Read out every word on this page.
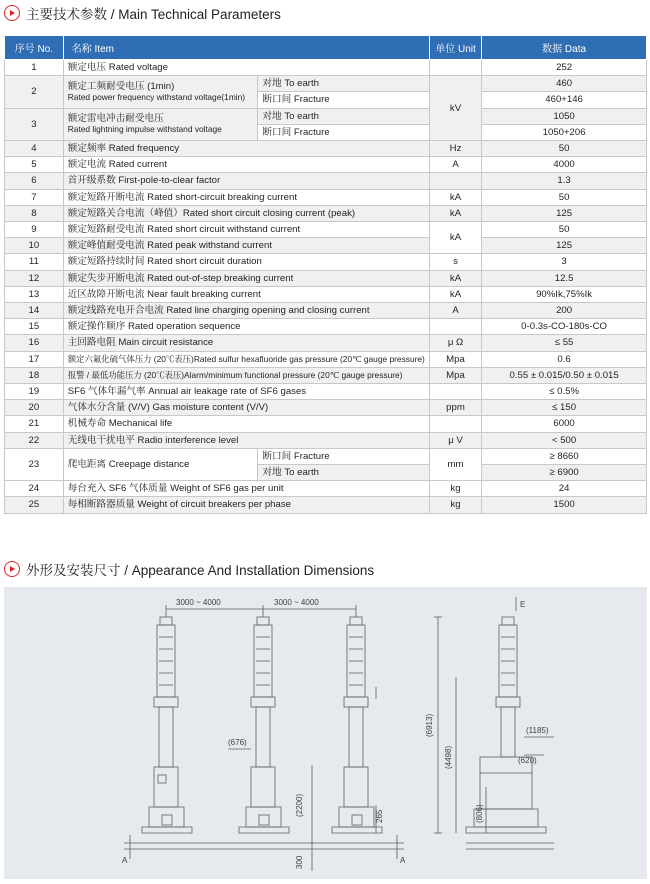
主要技术参数 / Main Technical Parameters
序号 No.	名称 Item		单位 Unit	数据 Data
1	额定电压 Rated voltage			252
2	额定工频耐受电压 (1min)
Rated power frequency withstand voltage(1min)	对地 To earth	kV	460
		断口间 Fracture		460+146
3	额定雷电冲击耐受电压
Rated lightning impulse withstand voltage	对地 To earth		1050
		断口间 Fracture		1050+206
4	额定频率 Rated frequency		Hz	50
5	额定电流 Rated current		A	4000
6	首开级系数 First-pole-to-clear factor			1.3
7	额定短路开断电流 Rated short-circuit breaking current		kA	50
8	额定短路关合电流（峰值）Rated short circuit closing current (peak)		kA	125
9	额定短路耐受电流 Rated short circuit withstand current		kA	50
10	额定峰值耐受电流 Rated peak withstand current			125
11	额定短路持续时间 Rated short circuit duration		s	3
12	额定失步开断电流 Rated out-of-step breaking current		kA	12.5
13	近区故障开断电流 Near fault breaking current		kA	90%Ik,75%Ik
14	额定线路充电开合电流 Rated line charging opening and closing current		A	200
15	额定操作顺序 Rated operation sequence			0-0.3s-CO-180s-CO
16	主回路电阻 Main circuit resistance		μ Ω	≤ 55
17	额定六氟化硫气体压力 (20℃表压)Rated sulfur hexafluoride gas pressure (20℃ gauge pressure)		Mpa	0.6
18	报警 / 最低功能压力 (20℃表压)Alarm/minimum functional pressure (20℃ gauge pressure)		Mpa	0.55 ± 0.015/0.50 ± 0.015
19	SF6 气体年漏气率 Annual air leakage rate of SF6 gases			≤ 0.5%
20	气体水分含量 (V/V) Gas moisture content (V/V)		ppm	≤ 150
21	机械寿命 Mechanical life			6000
22	无线电干扰电平 Radio interference level		μ V	< 500
23	爬电距离 Creepage distance	断口间 Fracture	mm	≥ 8660
		对地 To earth		≥ 6900
24	每台充入 SF6 气体质量 Weight of SF6 gas per unit		kg	24
25	每相断路器质量 Weight of circuit breakers per phase		kg	1500
外形及安装尺寸 / Appearance And Installation Dimensions
3000 ~ 4000	3000 ~ 4000
(676)
(2200)	265
300
A	A
E
(6913)
(4498)
(1185)
(620)
(806)
